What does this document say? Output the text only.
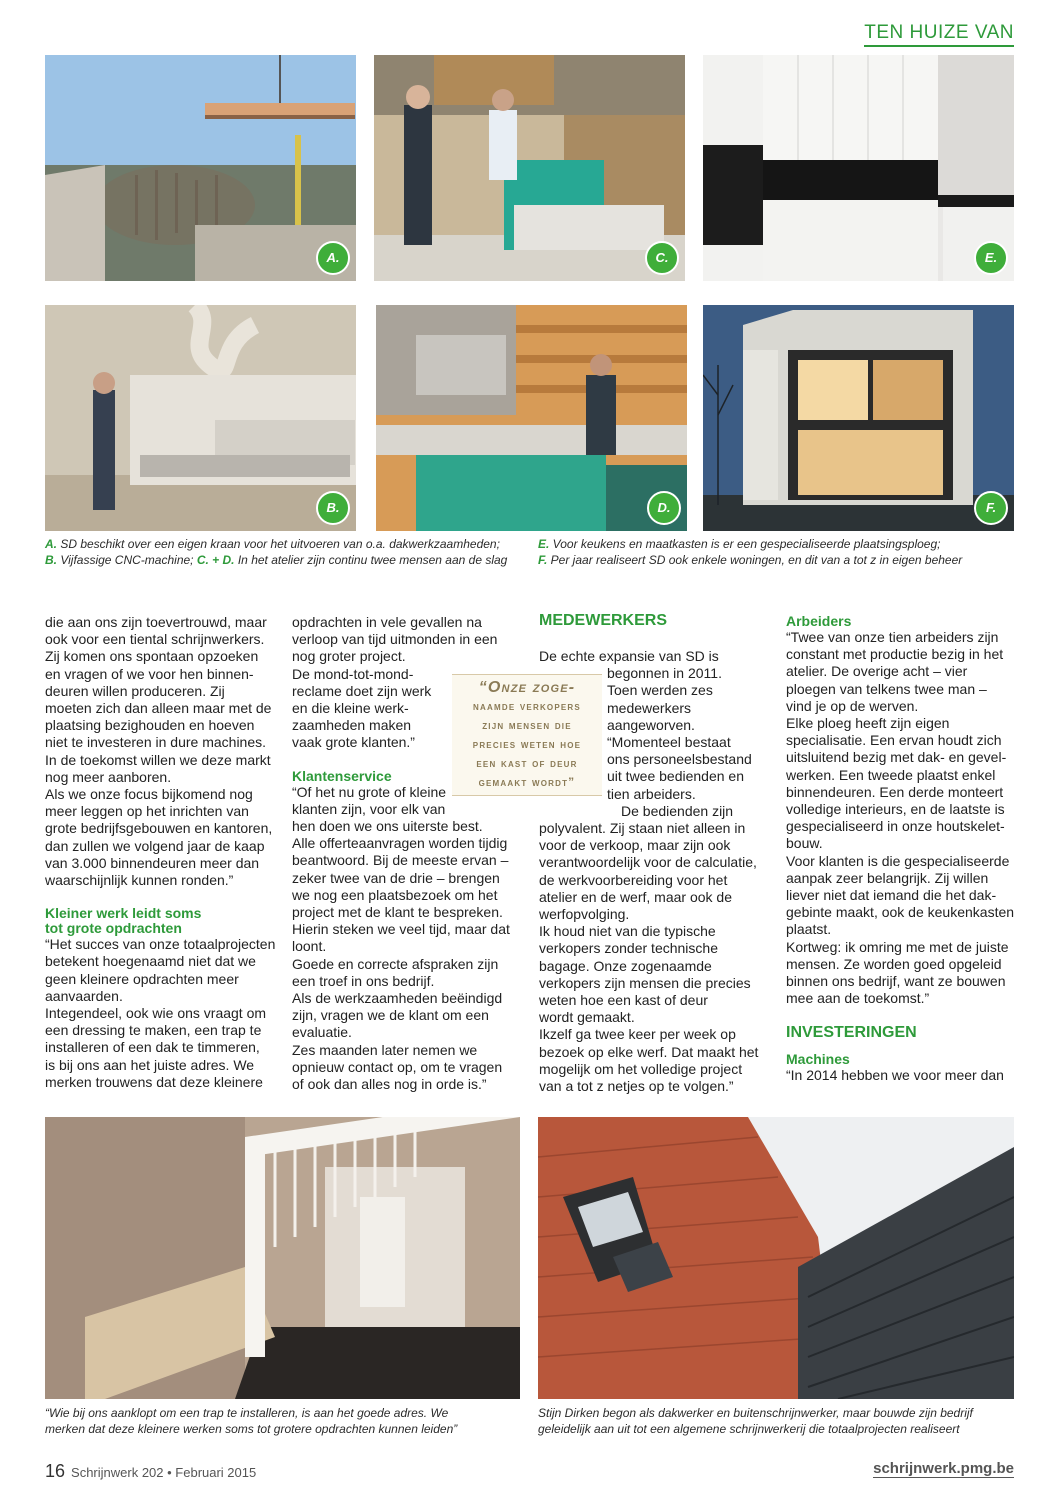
TEN HUIZE VAN
A.	C.	E.
B.	D.	F.
A. SD beschikt over een eigen kraan voor het uitvoeren van o.a. dakwerkzaamheden;
B. Vijfassige CNC-machine; C. + D. In het atelier zijn continu twee mensen aan de slag
E. Voor keukens en maatkasten is er een gespecialiseerde plaatsingsploeg;
F. Per jaar realiseert SD ook enkele woningen, en dit van a tot z in eigen beheer

die aan ons zijn toevertrouwd, maar

ook voor een tiental schrijnwerkers.

Zij komen ons spontaan opzoeken

en vragen of we voor hen binnen-

deuren willen produceren. Zij

moeten zich dan alleen maar met de

plaatsing bezighouden en hoeven

niet te investeren in dure machines.

In de toekomst willen we deze markt

nog meer aanboren.

Als we onze focus bijkomend nog

meer leggen op het inrichten van

grote bedrijfsgebouwen en kantoren,

dan zullen we volgend jaar de kaap

van 3.000 binnendeuren meer dan

waarschijnlijk kunnen ronden.”

Kleiner werk leidt soms

tot grote opdrachten

“Het succes van onze totaalprojecten

betekent hoegenaamd niet dat we

geen kleinere opdrachten meer

aanvaarden.

Integendeel, ook wie ons vraagt om

een dressing te maken, een trap te

installeren of een dak te timmeren,

is bij ons aan het juiste adres. We

merken trouwens dat deze kleinere

opdrachten in vele gevallen na

verloop van tijd uitmonden in een

nog groter project.

De mond-tot-mond-

reclame doet zijn werk

en die kleine werk-

zaamheden maken

vaak grote klanten.”

Klantenservice

“Of het nu grote of kleine

klanten zijn, voor elk van

hen doen we ons uiterste best.

Alle offerteaanvragen worden tijdig

beantwoord. Bij de meeste ervan –

zeker twee van de drie – brengen

we nog een plaatsbezoek om het

project met de klant te bespreken.

Hierin steken we veel tijd, maar dat

loont.

Goede en correcte afspraken zijn

een troef in ons bedrijf.

Als de werkzaamheden beëindigd

zijn, vragen we de klant om een

evaluatie.

Zes maanden later nemen we

opnieuw contact op, om te vragen

of ook dan alles nog in orde is.”

“Onze zoge-
naamde verkopers
zijn mensen die
precies weten hoe
een kast of deur
gemaakt wordt”
MEDEWERKERS

De echte expansie van SD is

begonnen in 2011.

Toen werden zes

medewerkers

aangeworven.

“Momenteel bestaat

ons personeelsbestand

uit twee bedienden en

tien arbeiders.

De bedienden zijn

polyvalent. Zij staan niet alleen in

voor de verkoop, maar zijn ook

verantwoordelijk voor de calculatie,

de werkvoorbereiding voor het

atelier en de werf, maar ook de

werfopvolging.

Ik houd niet van die typische

verkopers zonder technische

bagage. Onze zogenaamde

verkopers zijn mensen die precies

weten hoe een kast of deur

wordt gemaakt.

Ikzelf ga twee keer per week op

bezoek op elke werf. Dat maakt het

mogelijk om het volledige project

van a tot z netjes op te volgen.”

Arbeiders

“Twee van onze tien arbeiders zijn

constant met productie bezig in het

atelier. De overige acht – vier

ploegen van telkens twee man –

vind je op de werven.

Elke ploeg heeft zijn eigen

specialisatie. Een ervan houdt zich

uitsluitend bezig met dak- en gevel-

werken. Een tweede plaatst enkel

binnendeuren. Een derde monteert

volledige interieurs, en de laatste is

gespecialiseerd in onze houtskelet-

bouw.

Voor klanten is die gespecialiseerde

aanpak zeer belangrijk. Zij willen

liever niet dat iemand die het dak-

gebinte maakt, ook de keukenkasten

plaatst.

Kortweg: ik omring me met de juiste

mensen. Ze worden goed opgeleid

binnen ons bedrijf, want ze bouwen

mee aan de toekomst.”

INVESTERINGEN

Machines

“In 2014 hebben we voor meer dan

“Wie bij ons aanklopt om een trap te installeren, is aan het goede adres. We merken dat deze kleinere werken soms tot grotere opdrachten kunnen leiden”
Stijn Dirken begon als dakwerker en buitenschrijnwerker, maar bouwde zijn bedrijf geleidelijk aan uit tot een algemene schrijnwerkerij die totaalprojecten realiseert
16 Schrijnwerk 202 • Februari 2015	schrijnwerk.pmg.be
